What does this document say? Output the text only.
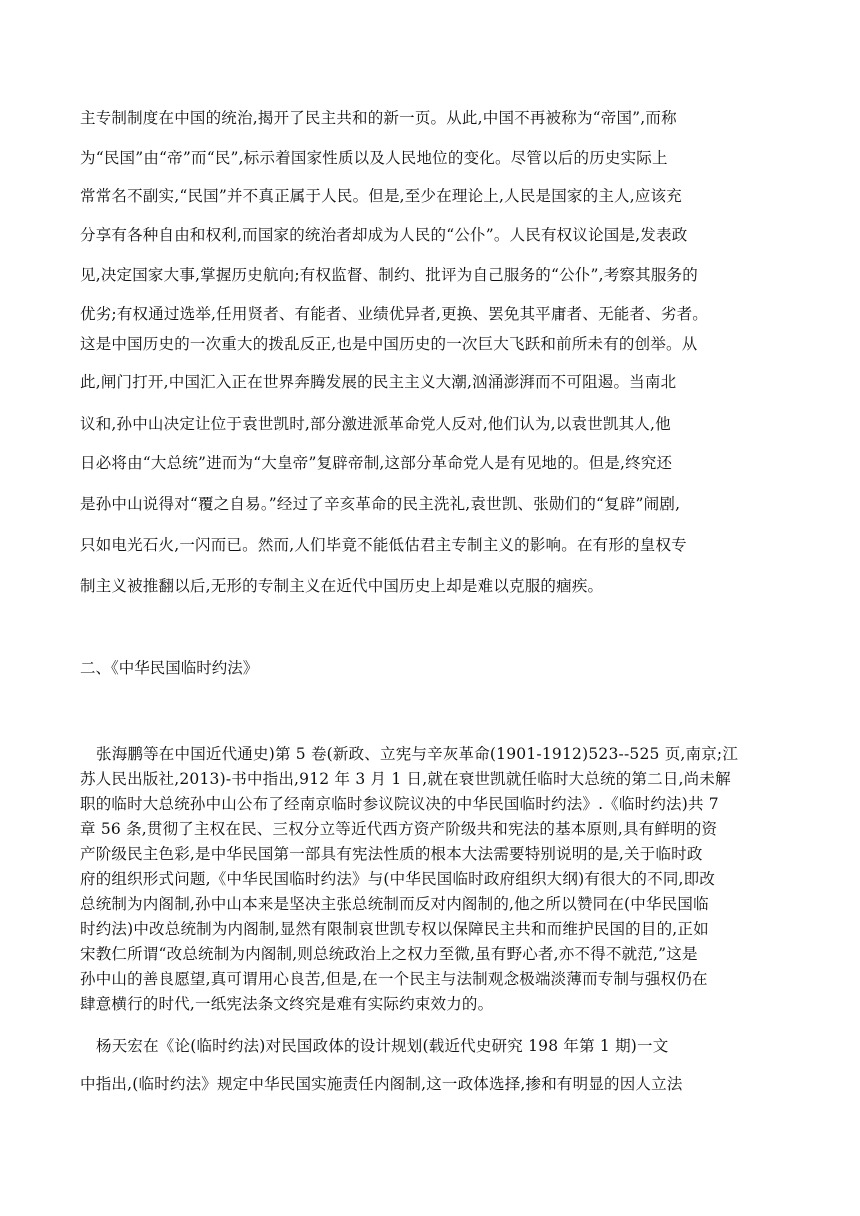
主专制制度在中国的统治,揭开了民主共和的新一页。从此,中国不再被称为“帝国”,而称
为“民国”由“帝”而“民”,标示着国家性质以及人民地位的变化。尽管以后的历史实际上
常常名不副实,“民国”并不真正属于人民。但是,至少在理论上,人民是国家的主人,应该充
分享有各种自由和权利,而国家的统治者却成为人民的“公仆”。人民有权议论国是,发表政
见,决定国家大事,掌握历史航向;有权监督、制约、批评为自己服务的“公仆”,考察其服务的
优劣;有权通过选举,任用贤者、有能者、业绩优异者,更换、罢免其平庸者、无能者、劣者。
这是中国历史的一次重大的拨乱反正,也是中国历史的一次巨大飞跃和前所未有的创举。从
此,闸门打开,中国汇入正在世界奔腾发展的民主主义大潮,汹涌澎湃而不可阻遏。当南北
议和,孙中山决定让位于袁世凯时,部分激进派革命党人反对,他们认为,以袁世凯其人,他
日必将由“大总统”进而为“大皇帝”复辟帝制,这部分革命党人是有见地的。但是,终究还
是孙中山说得对“覆之自易。”经过了辛亥革命的民主洗礼,袁世凯、张勋们的“复辟”闹剧,
只如电光石火,一闪而已。然而,人们毕竟不能低估君主专制主义的影响。在有形的皇权专
制主义被推翻以后,无形的专制主义在近代中国历史上却是难以克服的痼疾。
二、《中华民国临时约法》
张海鹏等在中国近代通史)第 5 卷(新政、立宪与辛灰革命(1901-1912)523--525 页,南京;江
苏人民出版社,2013)-书中指出,912 年 3 月 1 日,就在衰世凯就任临时大总统的第二日,尚未解
职的临时大总统孙中山公布了经南京临时参议院议决的中华民国临时约法》.《临时约法)共 7
章 56 条,贯彻了主权在民、三权分立等近代西方资产阶级共和宪法的基本原则,具有鲜明的资
产阶级民主色彩,是中华民国第一部具有宪法性质的根本大法需要特别说明的是,关于临时政
府的组织形式问题,《中华民国临时约法》与(中华民国临时政府组织大纲)有很大的不同,即改
总统制为内阁制,孙中山本来是坚决主张总统制而反对内阁制的,他之所以赞同在(中华民国临
时约法)中改总统制为内阁制,显然有限制哀世凯专权以保障民主共和而维护民国的目的,正如
宋教仁所谓“改总统制为内阁制,则总统政治上之权力至微,虽有野心者,亦不得不就范,”这是
孙中山的善良愿望,真可谓用心良苦,但是,在一个民主与法制观念极端淡薄而专制与强权仍在
肆意横行的时代,一纸宪法条文终究是难有实际约束效力的。
杨天宏在《论(临时约法)对民国政体的设计规划(载近代史研究 198 年第 1 期)一文
中指出,(临时约法》规定中华民国实施责任内阁制,这一政体选择,掺和有明显的因人立法
